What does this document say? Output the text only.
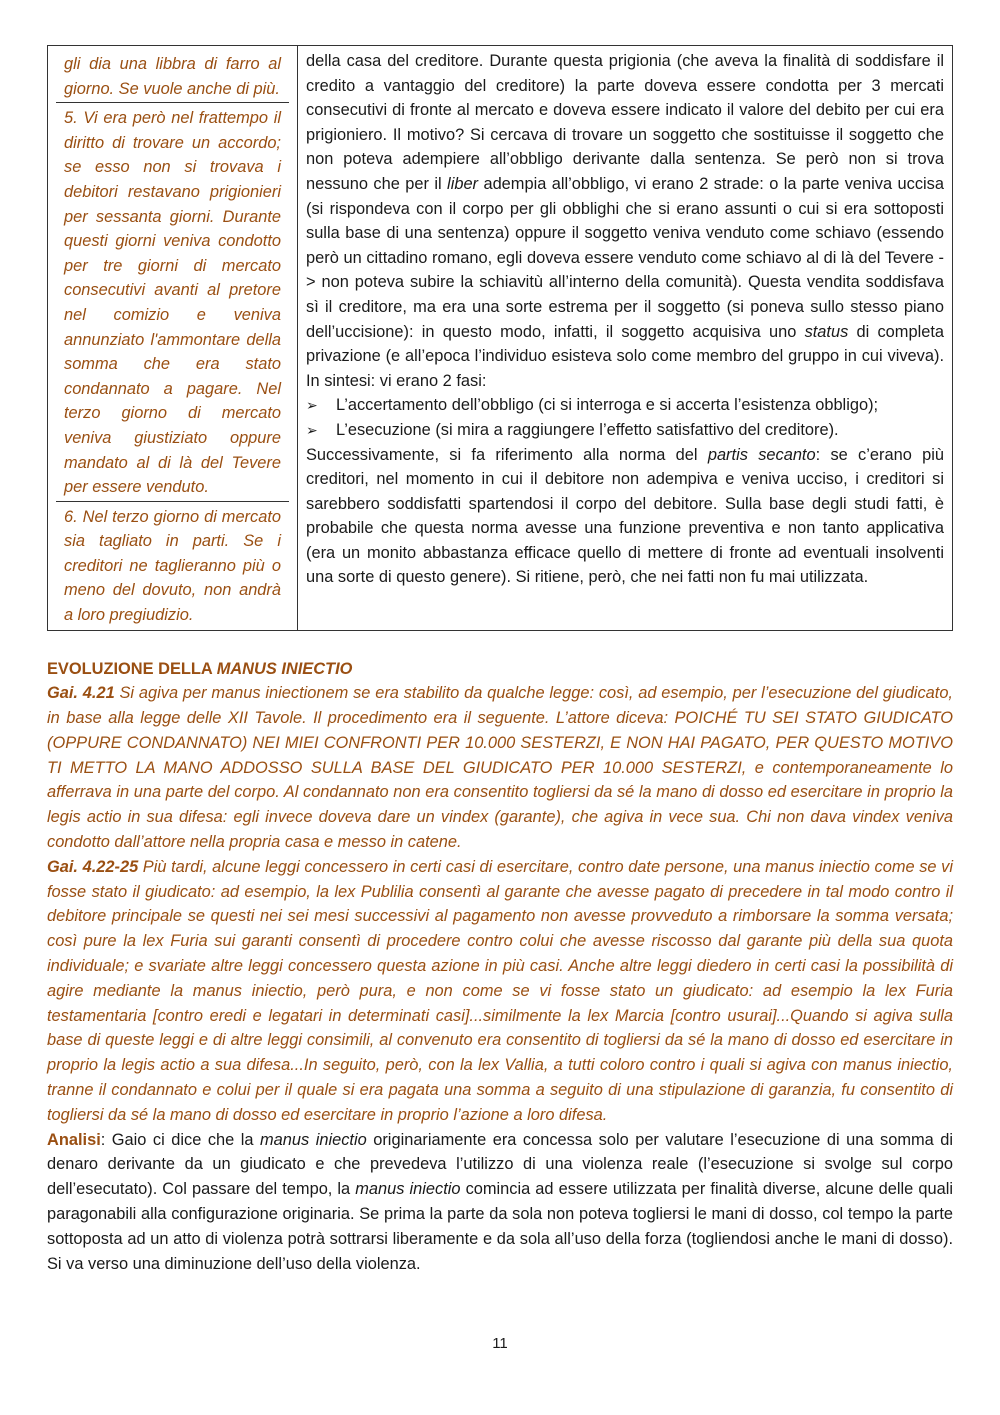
gli dia una libbra di farro al giorno. Se vuole anche di più.
5. Vi era però nel frattempo il diritto di trovare un accordo; se esso non si trovava i debitori restavano prigionieri per sessanta giorni. Durante questi giorni veniva condotto per tre giorni di mercato consecutivi avanti al pretore nel comizio e veniva annunziato l'ammontare della somma che era stato condannato a pagare. Nel terzo giorno di mercato veniva giustiziato oppure mandato al di là del Tevere per essere venduto.
6. Nel terzo giorno di mercato sia tagliato in parti. Se i creditori ne taglieranno più o meno del dovuto, non andrà a loro pregiudizio.

della casa del creditore. Durante questa prigionia (che aveva la finalità di soddisfare il credito a vantaggio del creditore) la parte doveva essere condotta per 3 mercati consecutivi di fronte al mercato e doveva essere indicato il valore del debito per cui era prigioniero. Il motivo? Si cercava di trovare un soggetto che sostituisse il soggetto che non poteva adempiere all’obbligo derivante dalla sentenza. Se però non si trova nessuno che per il liber adempia all’obbligo, vi erano 2 strade: o la parte veniva uccisa (si rispondeva con il corpo per gli obblighi che si erano assunti o cui si era sottoposti sulla base di una sentenza) oppure il soggetto veniva venduto come schiavo (essendo però un cittadino romano, egli doveva essere venduto come schiavo al di là del Tevere -> non poteva subire la schiavitù all’interno della comunità). Questa vendita soddisfava sì il creditore, ma era una sorte estrema per il soggetto (si poneva sullo stesso piano dell’uccisione): in questo modo, infatti, il soggetto acquisiva uno status di completa privazione (e all’epoca l’individuo esisteva solo come membro del gruppo in cui viveva). In sintesi: vi erano 2 fasi:
➢	L’accertamento dell’obbligo (ci si interroga e si accerta l’esistenza obbligo);
➢	L’esecuzione (si mira a raggiungere l’effetto satisfattivo del creditore).
Successivamente, si fa riferimento alla norma del partis secanto: se c’erano più creditori, nel momento in cui il debitore non adempiva e veniva ucciso, i creditori si sarebbero soddisfatti spartendosi il corpo del debitore. Sulla base degli studi fatti, è probabile che questa norma avesse una funzione preventiva e non tanto applicativa (era un monito abbastanza efficace quello di mettere di fronte ad eventuali insolventi una sorte di questo genere). Si ritiene, però, che nei fatti non fu mai utilizzata.
EVOLUZIONE DELLA MANUS INIECTIO

Gai. 4.21 Si agiva per manus iniectionem se era stabilito da qualche legge: così, ad esempio, per l’esecuzione del giudicato, in base alla legge delle XII Tavole. Il procedimento era il seguente. L’attore diceva: POICHÉ TU SEI STATO GIUDICATO (OPPURE CONDANNATO) NEI MIEI CONFRONTI PER 10.000 SESTERZI, E NON HAI PAGATO, PER QUESTO MOTIVO TI METTO LA MANO ADDOSSO SULLA BASE DEL GIUDICATO PER 10.000 SESTERZI, e contemporaneamente lo afferrava in una parte del corpo. Al condannato non era consentito togliersi da sé la mano di dosso ed esercitare in proprio la legis actio in sua difesa: egli invece doveva dare un vindex (garante), che agiva in vece sua. Chi non dava vindex veniva condotto dall’attore nella propria casa e messo in catene.

Gai. 4.22-25 Più tardi, alcune leggi concessero in certi casi di esercitare, contro date persone, una manus iniectio come se vi fosse stato il giudicato: ad esempio, la lex Publilia consentì al garante che avesse pagato di precedere in tal modo contro il debitore principale se questi nei sei mesi successivi al pagamento non avesse provveduto a rimborsare la somma versata; così pure la lex Furia sui garanti consentì di procedere contro colui che avesse riscosso dal garante più della sua quota individuale; e svariate altre leggi concessero questa azione in più casi. Anche altre leggi diedero in certi casi la possibilità di agire mediante la manus iniectio, però pura, e non come se vi fosse stato un giudicato: ad esempio la lex Furia testamentaria [contro eredi e legatari in determinati casi]...similmente la lex Marcia [contro usurai]...Quando si agiva sulla base di queste leggi e di altre leggi consimili, al convenuto era consentito di togliersi da sé la mano di dosso ed esercitare in proprio la legis actio a sua difesa...In seguito, però, con la lex Vallia, a tutti coloro contro i quali si agiva con manus iniectio, tranne il condannato e colui per il quale si era pagata una somma a seguito di una stipulazione di garanzia, fu consentito di togliersi da sé la mano di dosso ed esercitare in proprio l’azione a loro difesa.

Analisi: Gaio ci dice che la manus iniectio originariamente era concessa solo per valutare l’esecuzione di una somma di denaro derivante da un giudicato e che prevedeva l’utilizzo di una violenza reale (l’esecuzione si svolge sul corpo dell’esecutato). Col passare del tempo, la manus iniectio comincia ad essere utilizzata per finalità diverse, alcune delle quali paragonabili alla configurazione originaria. Se prima la parte da sola non poteva togliersi le mani di dosso, col tempo la parte sottoposta ad un atto di violenza potrà sottrarsi liberamente e da sola all’uso della forza (togliendosi anche le mani di dosso). Si va verso una diminuzione dell’uso della violenza.

11
